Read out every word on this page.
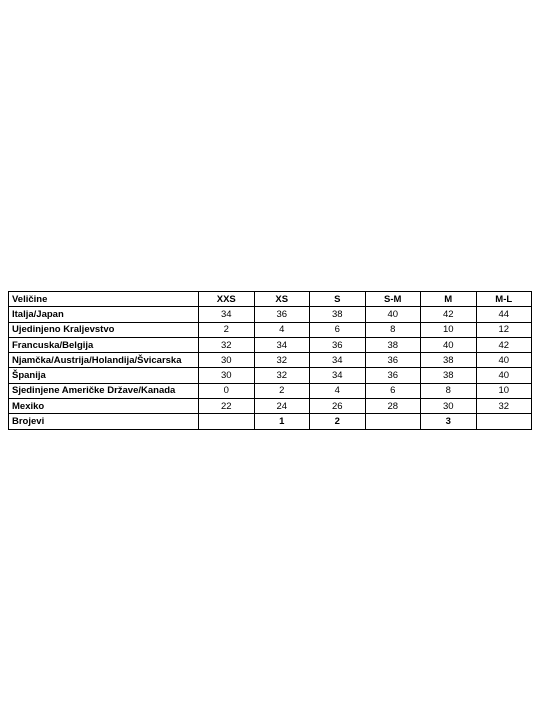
Veličine	XXS	XS	S	S-M	M	M-L
Italja/Japan	34	36	38	40	42	44
Ujedinjeno Kraljevstvo	2	4	6	8	10	12
Francuska/Belgija	32	34	36	38	40	42
Njamčka/Austrija/Holandija/Švicarska	30	32	34	36	38	40
Španija	30	32	34	36	38	40
Sjedinjene Američke Države/Kanada	0	2	4	6	8	10
Mexiko	22	24	26	28	30	32
Brojevi		1	2		3	
